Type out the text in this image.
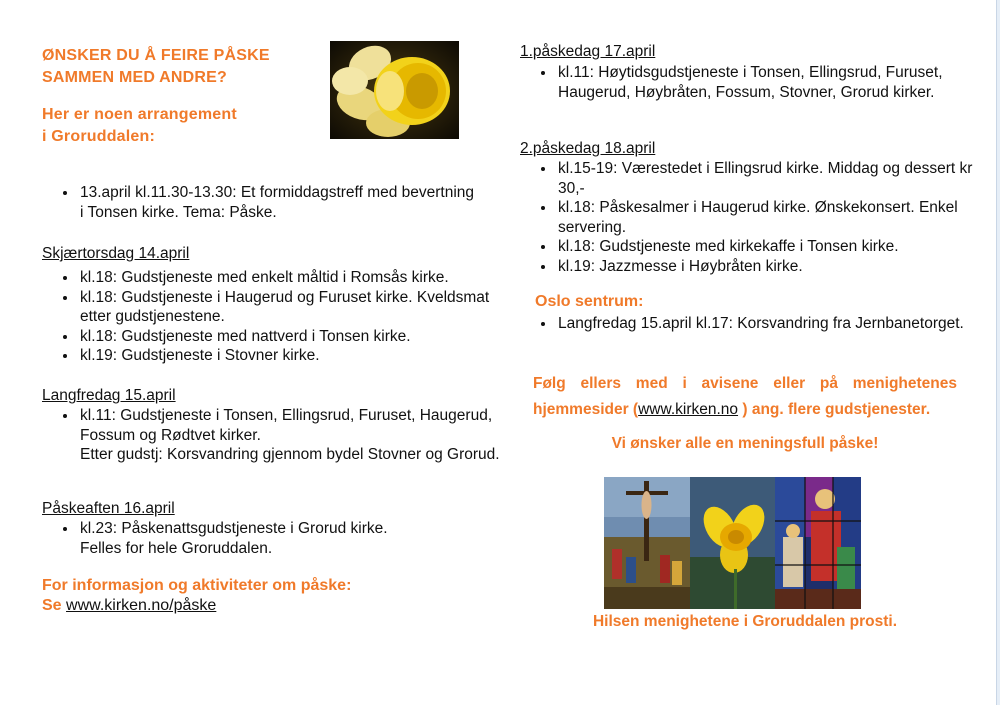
ØNSKER DU Å FEIRE PÅSKE
SAMMEN MED ANDRE?
Her er noen arrangement
i Groruddalen:
• 13.april kl.11.30-13.30: Et formiddagstreff med bevertning i Tonsen kirke. Tema: Påske.
Skjærtorsdag 14.april
• kl.18: Gudstjeneste med enkelt måltid i Romsås kirke.
• kl.18: Gudstjeneste i Haugerud og Furuset kirke. Kveldsmat etter gudstjenestene.
• kl.18: Gudstjeneste med nattverd i Tonsen kirke.
• kl.19: Gudstjeneste i Stovner kirke.
Langfredag 15.april
• kl.11: Gudstjeneste i Tonsen, Ellingsrud, Furuset, Haugerud, Fossum og Rødtvet kirker.
Etter gudstj: Korsvandring gjennom bydel Stovner og Grorud.
Påskeaften 16.april
• kl.23: Påskenattsgudstjeneste i Grorud kirke.
Felles for hele Groruddalen.
For informasjon og aktiviteter om påske:
Se www.kirken.no/påske
1.påskedag 17.april
• kl.11: Høytidsgudstjeneste i Tonsen, Ellingsrud, Furuset, Haugerud, Høybråten, Fossum, Stovner, Grorud kirker.
2.påskedag 18.april
• kl.15-19: Værestedet i Ellingsrud kirke. Middag og dessert kr 30,-
• kl.18: Påskesalmer i Haugerud kirke. Ønskekonsert. Enkel servering.
• kl.18: Gudstjeneste med kirkekaffe i Tonsen kirke.
• kl.19: Jazzmesse i Høybråten kirke.
Oslo sentrum:
• Langfredag 15.april kl.17: Korsvandring fra Jernbanetorget.
Følg ellers med i avisene eller på menighetenes
hjemmesider (www.kirken.no ) ang. flere gudstjenester.
Vi ønsker alle en meningsfull påske!
Hilsen menighetene i Groruddalen prosti.
